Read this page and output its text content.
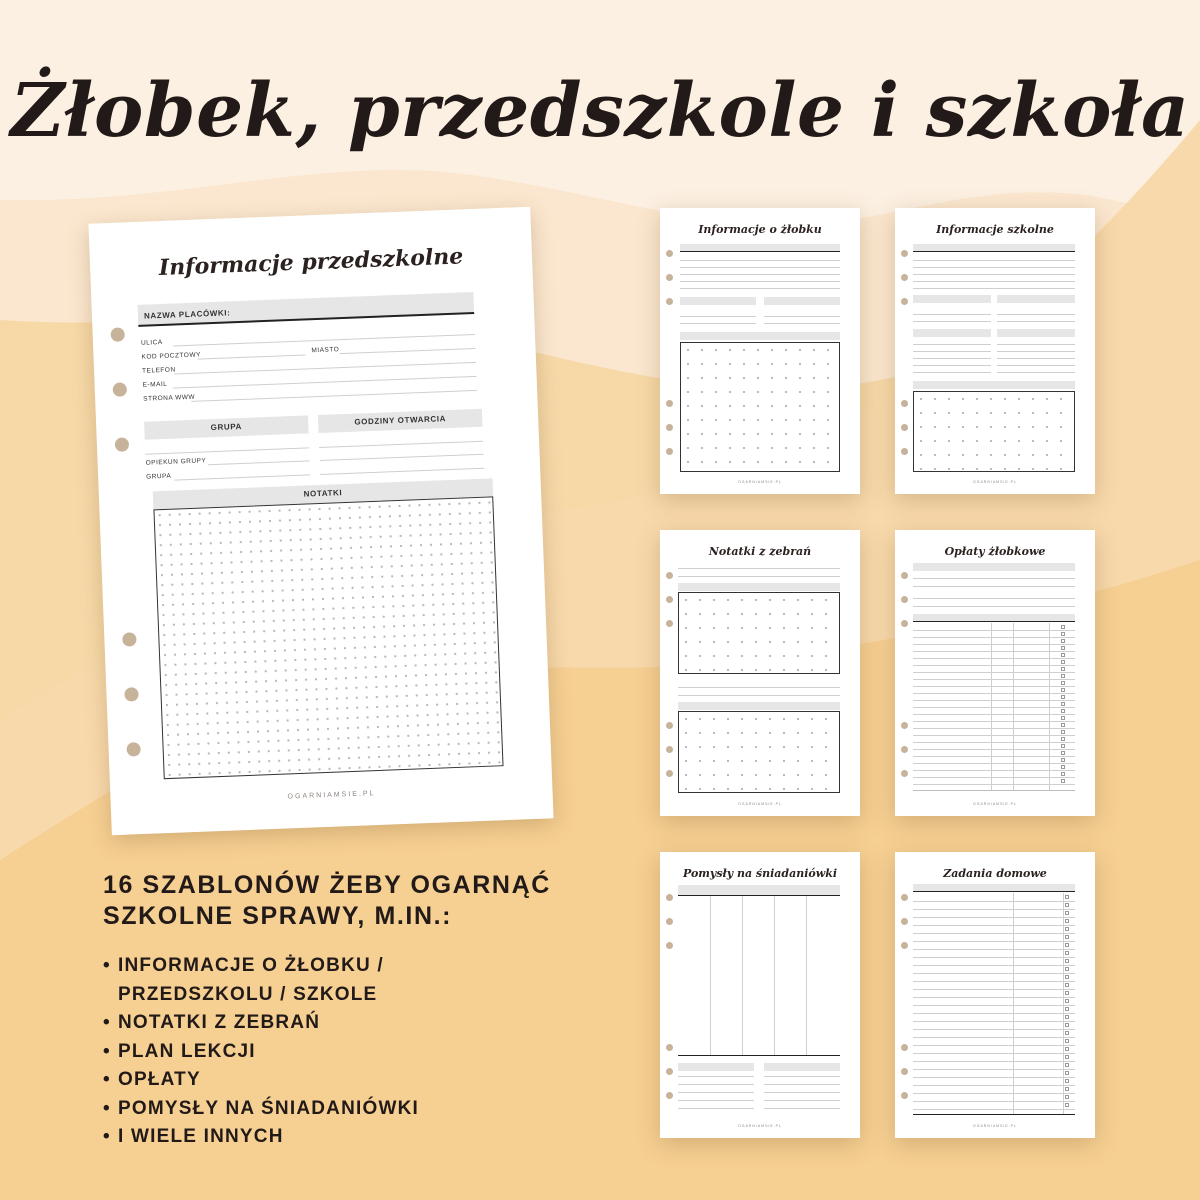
Żłobek, przedszkole i szkoła
Informacje przedszkolne
NAZWA PLACÓWKI:
ULICA
KOD POCZTOWY
MIASTO
TELEFON
E-MAIL
STRONA WWW
GRUPA
GODZINY OTWARCIA
OPIEKUN GRUPY
GRUPA
NOTATKI
OGARNIAMSIE.PL
Informacje o żłobku
OGARNIAMSIE.PL
Informacje szkolne
OGARNIAMSIE.PL
Notatki z zebrań
OGARNIAMSIE.PL
Opłaty żłobkowe
OGARNIAMSIE.PL
Pomysły na śniadaniówki
OGARNIAMSIE.PL
Zadania domowe
OGARNIAMSIE.PL
16 SZABLONÓW ŻEBY OGARNĄĆ
SZKOLNE SPRAWY, M.IN.:
• INFORMACJE O ŻŁOBKU /
PRZEDSZKOLU / SZKOLE
• NOTATKI Z ZEBRAŃ
• PLAN LEKCJI
• OPŁATY
• POMYSŁY NA ŚNIADANIÓWKI
• I WIELE INNYCH
